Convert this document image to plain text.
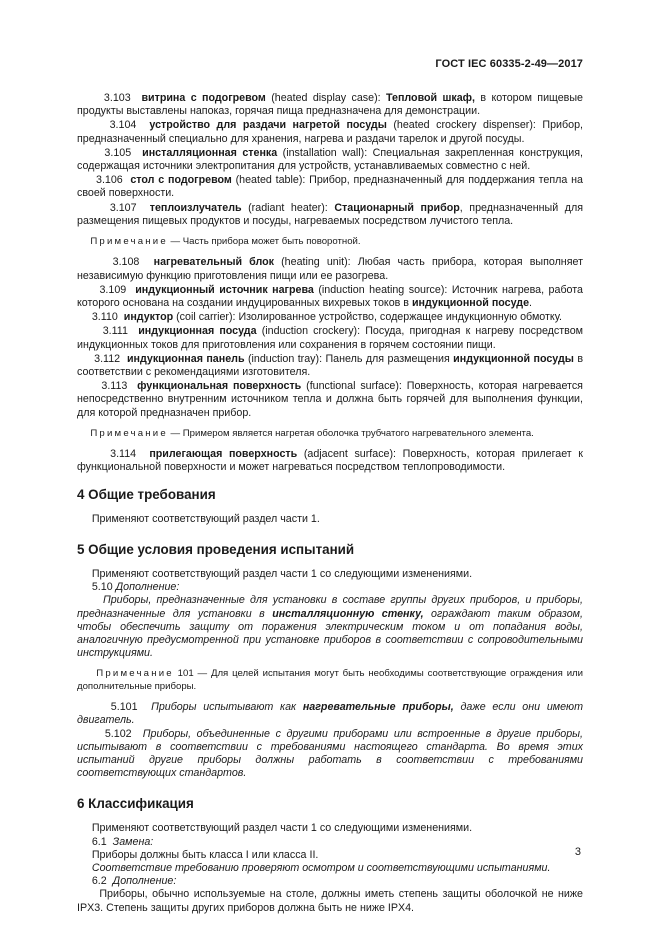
ГОСТ IEC 60335-2-49—2017

3.103 витрина с подогревом (heated display case): Тепловой шкаф, в котором пищевые продукты выставлены напоказ, горячая пища предназначена для демонстрации.

3.104 устройство для раздачи нагретой посуды (heated crockery dispenser): Прибор, предназначенный специально для хранения, нагрева и раздачи тарелок и другой посуды.

3.105 инсталляционная стенка (installation wall): Специальная закрепленная конструкция, содержащая источники электропитания для устройств, устанавливаемых совместно с ней.

3.106 стол с подогревом (heated table): Прибор, предназначенный для поддержания тепла на своей поверхности.

3.107 теплоизлучатель (radiant heater): Стационарный прибор, предназначенный для размещения пищевых продуктов и посуды, нагреваемых посредством лучистого тепла.

Примечание — Часть прибора может быть поворотной.

3.108 нагревательный блок (heating unit): Любая часть прибора, которая выполняет независимую функцию приготовления пищи или ее разогрева.

3.109 индукционный источник нагрева (induction heating source): Источник нагрева, работа которого основана на создании индуцированных вихревых токов в индукционной посуде.

3.110 индуктор (coil carrier): Изолированное устройство, содержащее индукционную обмотку.

3.111 индукционная посуда (induction crockery): Посуда, пригодная к нагреву посредством индукционных токов для приготовления или сохранения в горячем состоянии пищи.

3.112 индукционная панель (induction tray): Панель для размещения индукционной посуды в соответствии с рекомендациями изготовителя.

3.113 функциональная поверхность (functional surface): Поверхность, которая нагревается непосредственно внутренним источником тепла и должна быть горячей для выполнения функции, для которой предназначен прибор.

Примечание — Примером является нагретая оболочка трубчатого нагревательного элемента.

3.114 прилегающая поверхность (adjacent surface): Поверхность, которая прилегает к функциональной поверхности и может нагреваться посредством теплопроводимости.

4 Общие требования

Применяют соответствующий раздел части 1.

5 Общие условия проведения испытаний

Применяют соответствующий раздел части 1 со следующими изменениями.

5.10 Дополнение:

Приборы, предназначенные для установки в составе группы других приборов, и приборы, предназначенные для установки в инсталляционную стенку, ограждают таким образом, чтобы обеспечить защиту от поражения электрическим током и от попадания воды, аналогичную предусмотренной при установке приборов в соответствии с сопроводительными инструкциями.

Примечание 101 — Для целей испытания могут быть необходимы соответствующие ограждения или дополнительные приборы.

5.101 Приборы испытывают как нагревательные приборы, даже если они имеют двигатель.

5.102 Приборы, объединенные с другими приборами или встроенные в другие приборы, испытывают в соответствии с требованиями настоящего стандарта. Во время этих испытаний другие приборы должны работать в соответствии с требованиями соответствующих стандартов.

6 Классификация

Применяют соответствующий раздел части 1 со следующими изменениями.

6.1 Замена:

Приборы должны быть класса I или класса II.

Соответствие требованию проверяют осмотром и соответствующими испытаниями.

6.2 Дополнение:

Приборы, обычно используемые на столе, должны иметь степень защиты оболочкой не ниже IPX3. Степень защиты других приборов должна быть не ниже IPX4.

3
